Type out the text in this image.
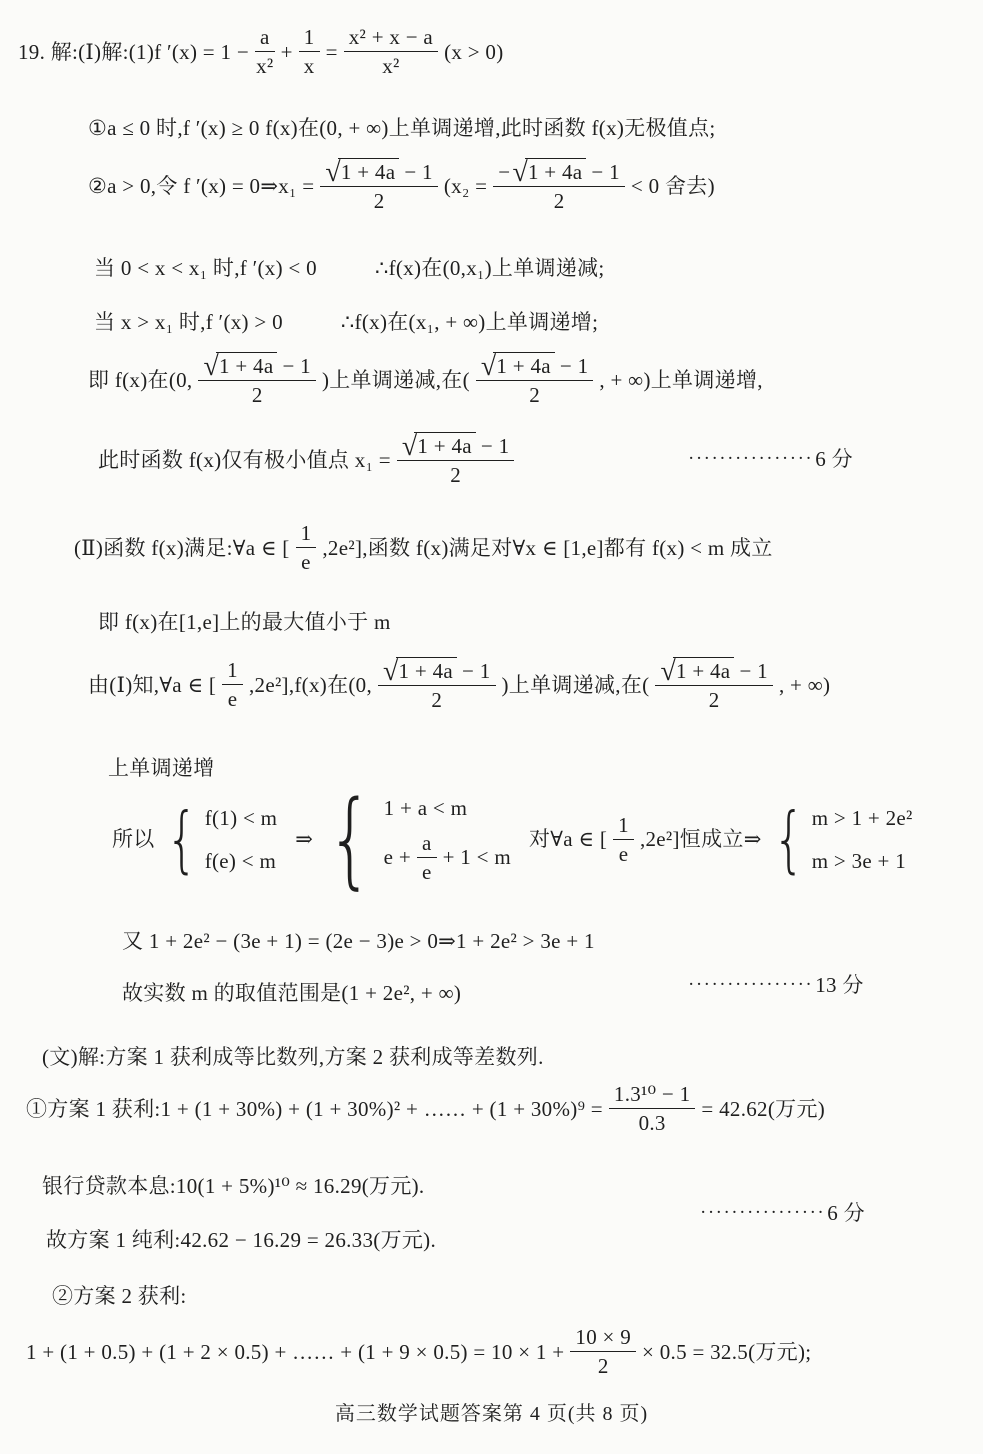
19. 解:(Ⅰ)解:(1)f $'(x) = 1 - \frac{a}{\text{x²}} + \frac{1}{x} = \frac{\text{x² + x − a}}{\text{x²}} (x > 0)$
①a ≤ 0 时,f ′(x) ≥ 0 f(x)在(0, + ∞)上单调递增,此时函数 f(x)无极值点;
②a > 0,令 f ′(x) = 0⇒x₁ = $\frac{√ 1 + 4a - 1}{2} (x_2 = \frac{- √ 1 + 4a - 1}{2} < 0$ 舍去)
当 0 < x < x₁ 时,f ′(x) < 0	∴f(x)在(0,x₁)上单调递减;
当 x > x₁ 时,f ′(x) > 0	∴f(x)在(x₁, + ∞)上单调递增;
即 f(x)在(0, $\frac{√ 1 + 4a - 1}{2}$ )上单调递减,在( $\frac{√ 1 + 4a - 1}{2}$ , + ∞)上单调递增,
此时函数 f(x)仅有极小值点 $x_1 = \frac{√ 1 + 4a - 1}{2}$	················ 6 分
(Ⅱ)函数 f(x)满足:∀a ∈ [ $\frac{1}{e} ,2e^2$],函数 f(x)满足对∀x ∈ [1,e]都有 f(x) < m 成立
即 f(x)在[1,e]上的最大值小于 m
由(Ⅰ)知,∀a ∈ [ $\frac{1}{e} ,2e^2],f(x)$在(0, $\frac{√ 1 + 4a - 1}{2}$ )上单调递减,在( $\frac{√ 1 + 4a - 1}{2}$ , + ∞)
上单调递增
所以 { f(1) < m
f(e) < m
⇒ { 1 + a < m
$e + \frac{a}{e} + 1 < m$
对∀a ∈ [ $\frac{1}{e} ,2e^2$]恒成立⇒ { m > 1 + 2e²
m > 3e + 1
又 1 + 2e² − (3e + 1) = (2e − 3)e > 0⇒1 + 2e² > 3e + 1
故实数 m 的取值范围是(1 + 2e², + ∞)	················ 13 分
(文)解:方案 1 获利成等比数列,方案 2 获利成等差数列.
①方案 1 获利:1 + (1 + 30%) + (1 + 30%)² + …… + $(1 + 30\%)^9 = \frac{\text{1.3¹⁰ − 1}}{0.3} = 42.62$(万元)
银行贷款本息:10(1 + 5%)¹⁰ ≈ 16.29(万元).
故方案 1 纯利:42.62 − 16.29 = 26.33(万元).
················ 6 分
②方案 2 获利:
1 + (1 + 0.5) + (1 + 2 × 0.5) + …… + $(1 + 9 \times 0.5) = 10 \times 1 + \frac{10 \times 9}{2} \times 0.5 = 32.5$(万元);
高三数学试题答案第 4 页(共 8 页)
